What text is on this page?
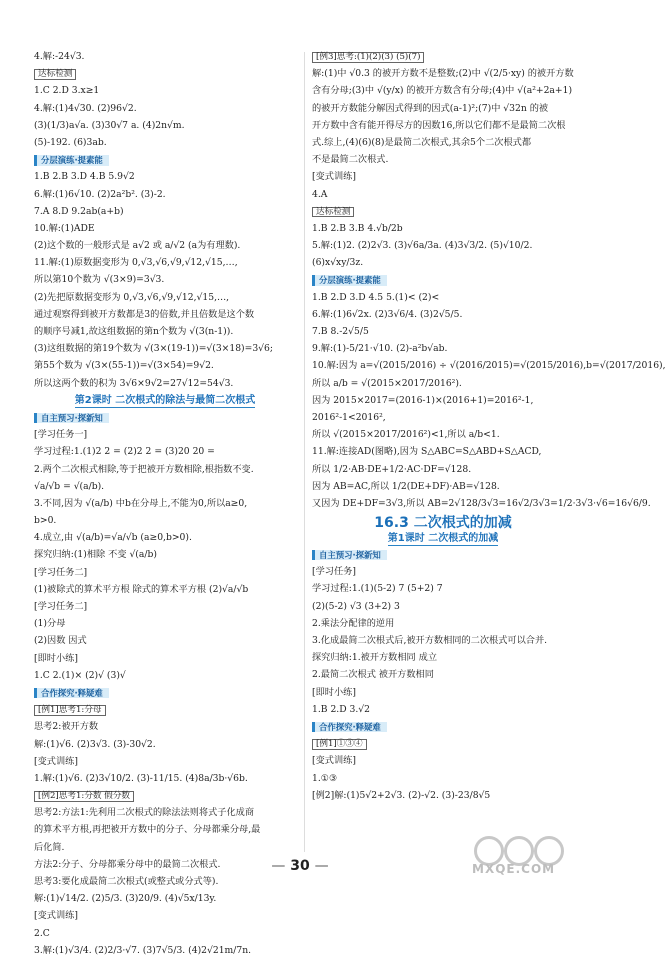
4.解:-24√3.
达标检测
1.C 2.D 3.x≥1
4.解:(1)4√30. (2)96√2.
(3)(1/3)a√a. (3)30√7 a. (4)2n√m.
(5)-192. (6)3ab.
分层演练·提素能
1.B 2.B 3.D 4.B 5.9√2
6.解:(1)6√10. (2)2a²b². (3)-2.
7.A 8.D 9.2ab(a+b)
10.解:(1)ADE
(2)这个数的一般形式是 a√2 或 a/√2 (a为有理数).
11.解:(1)原数据变形为 0,√3,√6,√9,√12,√15,…,
所以第10个数为 √(3×9)=3√3.
(2)先把原数据变形为 0,√3,√6,√9,√12,√15,…,
通过观察得到被开方数都是3的倍数,并且倍数是这个数
的顺序号减1,故这组数据的第n个数为 √(3(n-1)).
(3)这组数据的第19个数为 √(3×(19-1))=√(3×18)=3√6;
第55个数为 √(3×(55-1))=√(3×54)=9√2.
所以这两个数的积为 3√6×9√2=27√12=54√3.
第2课时 二次根式的除法与最简二次根式
自主预习·探新知
[学习任务一]
学习过程:1.(1)2 2 = (2)2 2 = (3)20 20 =
2.两个二次根式相除,等于把被开方数相除,根指数不变.
√a/√b = √(a/b).
3.不同,因为 √(a/b) 中b在分母上,不能为0,所以a≥0,
b>0.
4.成立,由 √(a/b)=√a/√b (a≥0,b>0).
探究归纳:(1)相除 不变 √(a/b)
[学习任务二]
(1)被除式的算术平方根 除式的算术平方根 (2)√a/√b
[学习任务二]
(1)分母
(2)因数 因式
[即时小练]
1.C 2.(1)× (2)√ (3)√
合作探究·释疑难
[例1]思考1:分母
思考2:被开方数
解:(1)√6. (2)3√3. (3)-30√2.
[变式训练]
1.解:(1)√6. (2)3√10/2. (3)-11/15. (4)8a/3b·√6b.
[例2]思考1:分数 假分数
思考2:方法1:先利用二次根式的除法法则将式子化成商
的算术平方根,再把被开方数中的分子、分母都乘分母,最
后化简.
方法2:分子、分母都乘分母中的最简二次根式.
思考3:要化成最简二次根式(或整式或分式等).
解:(1)√14/2. (2)5/3. (3)20/9. (4)√5x/13y.
[变式训练]
2.C
3.解:(1)√3/4. (2)2/3·√7. (3)7√5/3. (4)2√21m/7n.
[例3]思考:(1)(2)(3) (5)(7)
解:(1)中 √0.3 的被开方数不是整数;(2)中 √(2/5·xy) 的被开方数
含有分母;(3)中 √(y/x) 的被开方数含有分母;(4)中 √(a²+2a+1)
的被开方数能分解因式得到的因式(a-1)²;(7)中 √32n 的被
开方数中含有能开得尽方的因数16,所以它们都不是最简二次根
式.综上,(4)(6)(8)是最简二次根式,其余5个二次根式都
不是最简二次根式.
[变式训练]
4.A
达标检测
1.B 2.B 3.B 4.√b/2b
5.解:(1)2. (2)2√3. (3)√6a/3a. (4)3√3/2. (5)√10/2.
(6)x√xy/3z.
分层演练·提素能
1.B 2.D 3.D 4.5 5.(1)< (2)<
6.解:(1)6√2x. (2)3√6/4. (3)2√5/5.
7.B 8.-2√5/5
9.解:(1)-5/21·√10. (2)-a²b√ab.
10.解:因为 a=√(2015/2016) ÷ √(2016/2015)=√(2015/2016),b=√(2017/2016),
所以 a/b = √(2015×2017/2016²).
因为 2015×2017=(2016-1)×(2016+1)=2016²-1,
2016²-1<2016²,
所以 √(2015×2017/2016²)<1,所以 a/b<1.
11.解:连接AD(图略),因为 S△ABC=S△ABD+S△ACD,
所以 1/2·AB·DE+1/2·AC·DF=√128.
因为 AB=AC,所以 1/2(DE+DF)·AB=√128.
又因为 DE+DF=3√3,所以 AB=2√128/3√3=16√2/3√3=1/2·3√3·√6=16√6/9.
16.3 二次根式的加减
第1课时 二次根式的加减
自主预习·探新知
[学习任务]
学习过程:1.(1)(5-2) 7 (5+2) 7
(2)(5-2) √3 (3+2) 3
2.乘法分配律的逆用
3.化成最简二次根式后,被开方数相同的二次根式可以合并.
探究归纳:1.被开方数相同 成立
2.最简二次根式 被开方数相同
[即时小练]
1.B 2.D 3.√2
合作探究·释疑难
[例1]①③④
[变式训练]
1.①③
[例2]解:(1)5√2+2√3. (2)-√2. (3)-23/8√5
— 30 —	MXQE.COM
